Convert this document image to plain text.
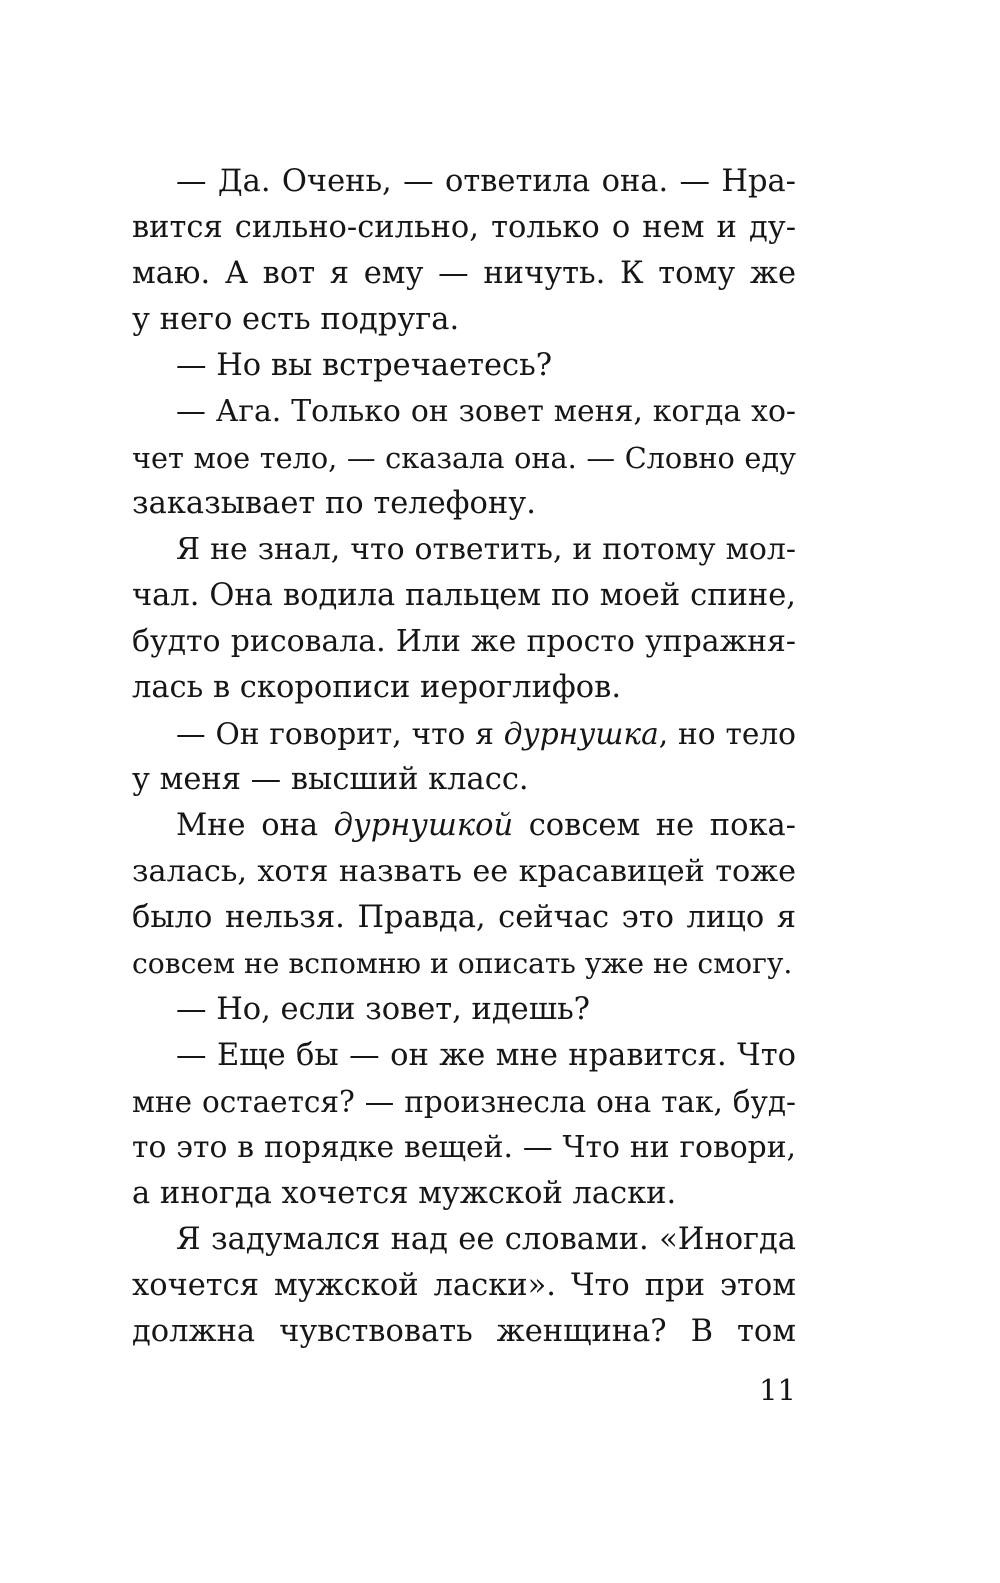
— Да. Очень, — ответила она. — Нра-
вится сильно-сильно, только о нем и ду-
маю. А вот я ему — ничуть. К тому же
у него есть подруга.
— Но вы встречаетесь?
— Ага. Только он зовет меня, когда хо-
чет мое тело, — сказала она. — Словно еду
заказывает по телефону.
Я не знал, что ответить, и потому мол-
чал. Она водила пальцем по моей спине,
будто рисовала. Или же просто упражня-
лась в скорописи иероглифов.
— Он говорит, что я дурнушка, но тело
у меня — высший класс.
Мне она дурнушкой совсем не пока-
залась, хотя назвать ее красавицей тоже
было нельзя. Правда, сейчас это лицо я
совсем не вспомню и описать уже не смогу.
— Но, если зовет, идешь?
— Еще бы — он же мне нравится. Что
мне остается? — произнесла она так, буд-
то это в порядке вещей. — Что ни говори,
а иногда хочется мужской ласки.
Я задумался над ее словами. «Иногда
хочется мужской ласки». Что при этом
должна чувствовать женщина? В том
11
